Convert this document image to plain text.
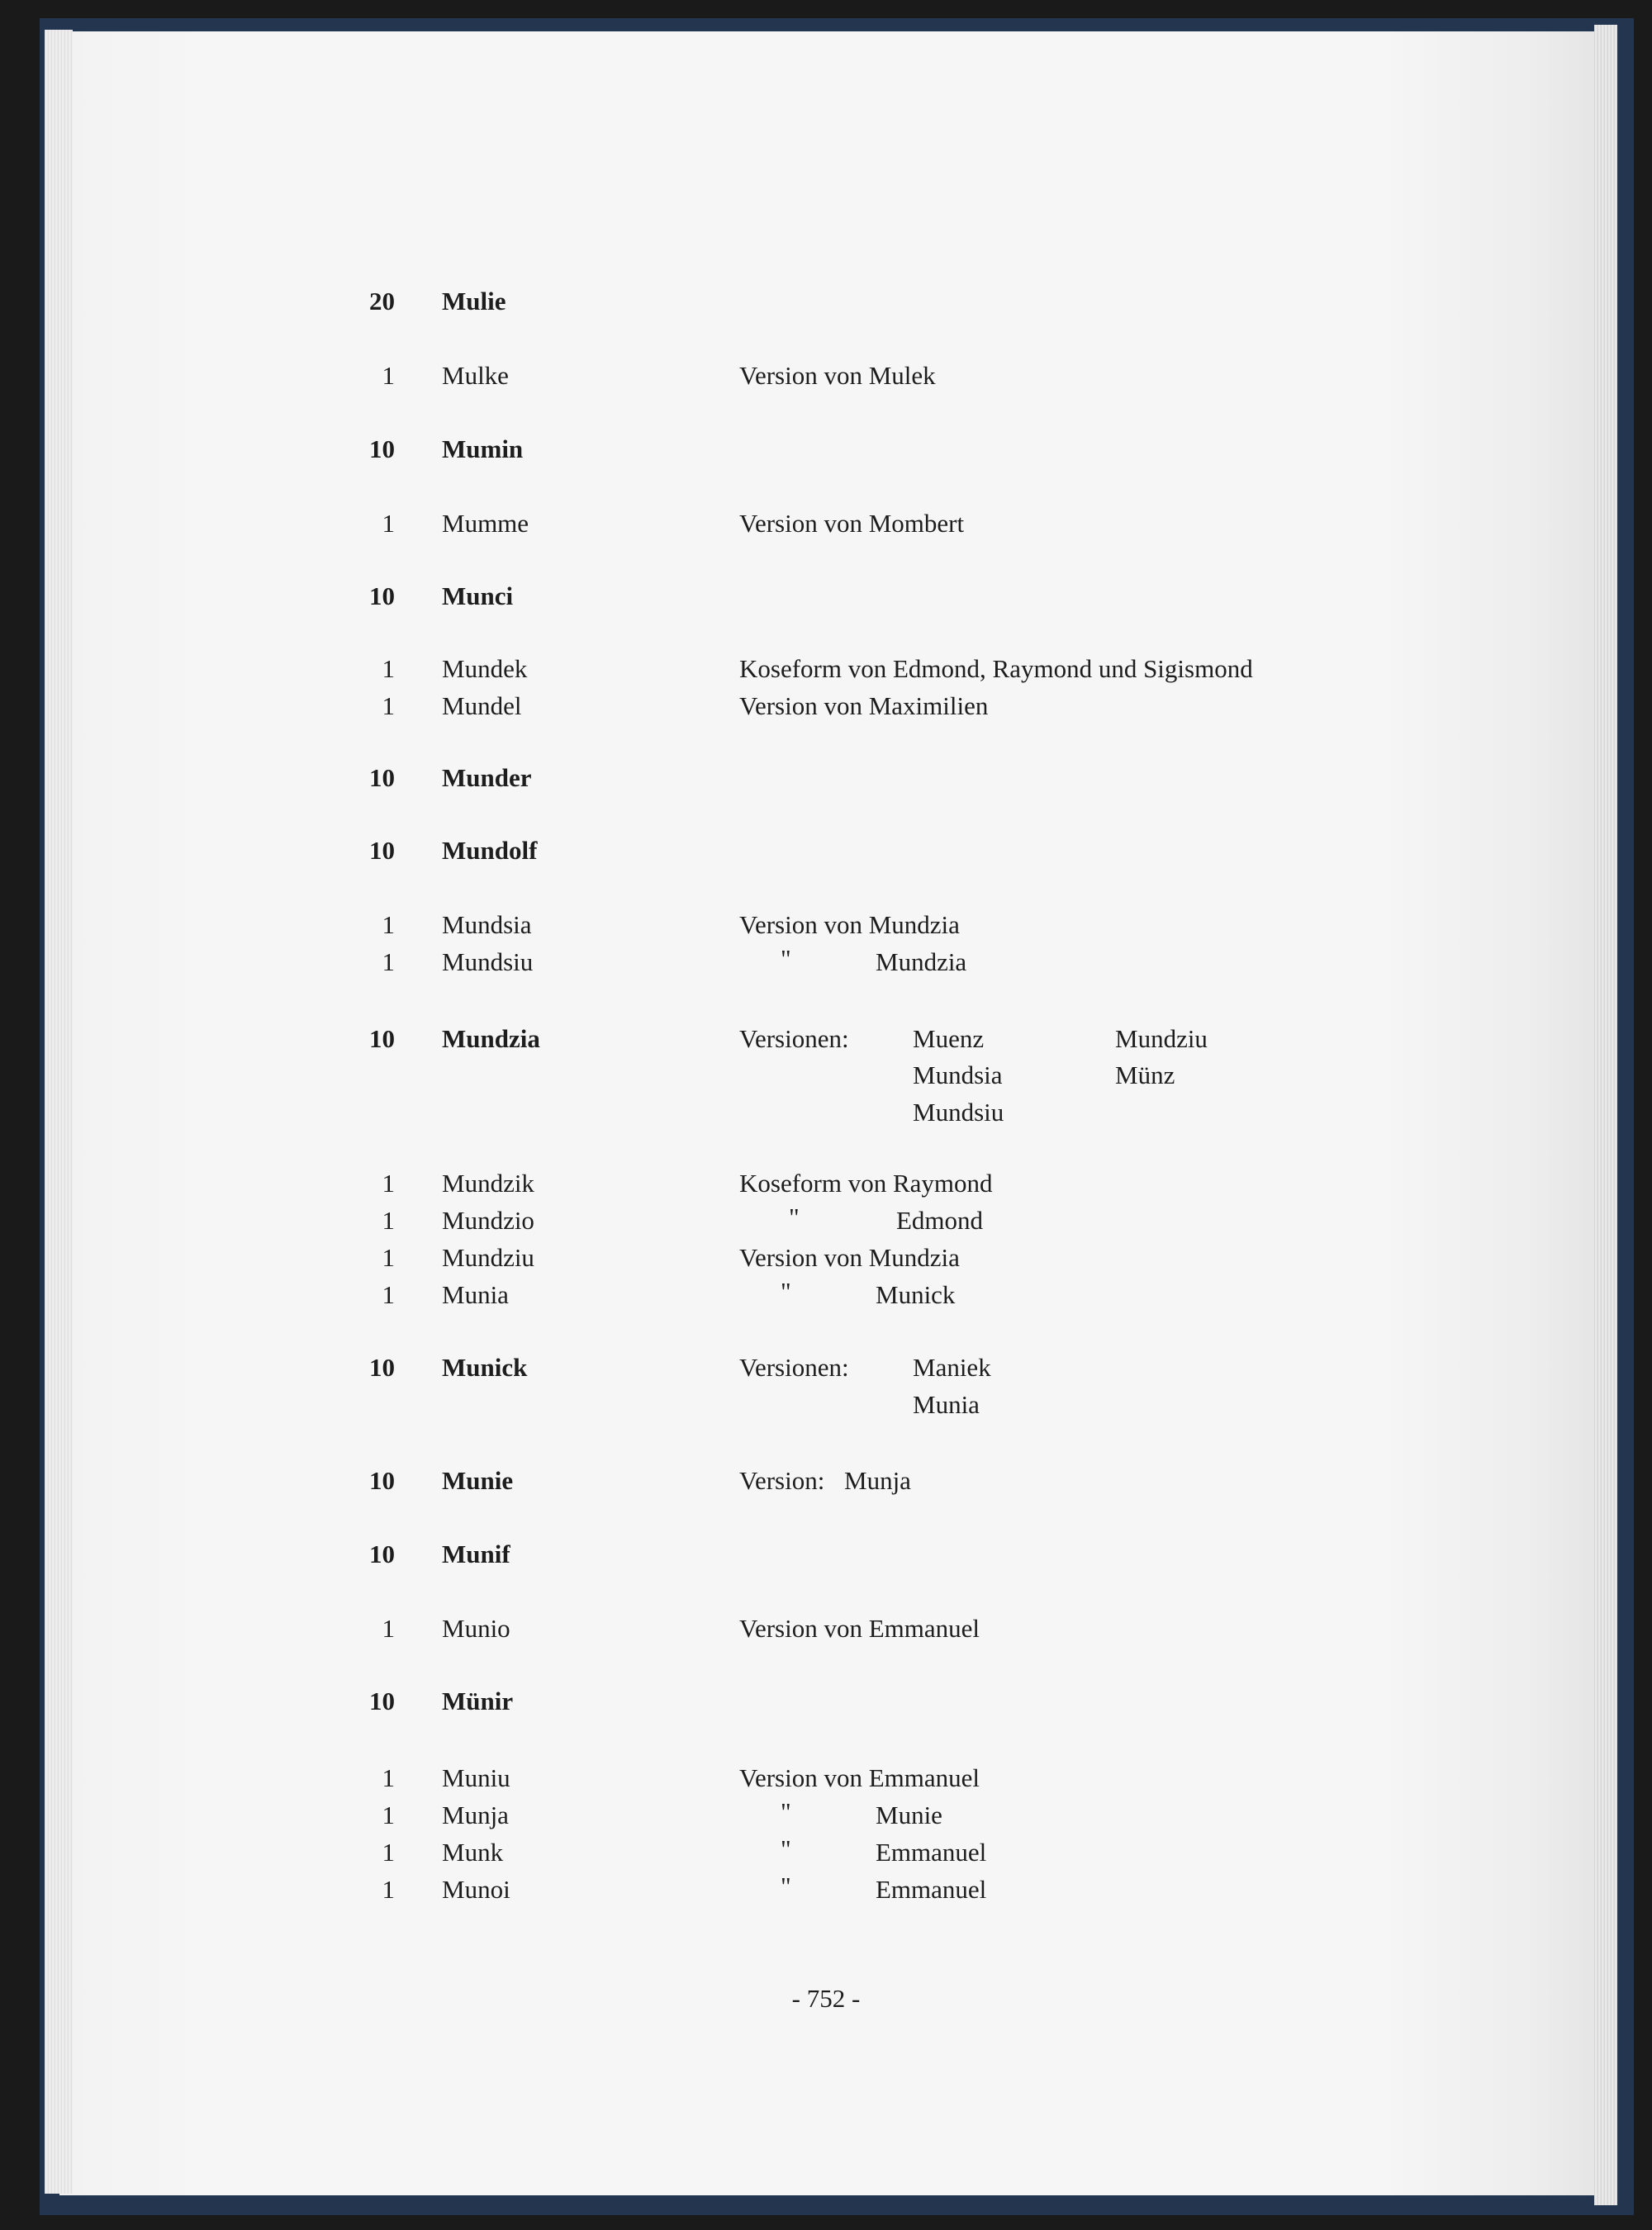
20 Mulie
1 Mulke	Version von Mulek
10 Mumin
1 Mumme	Version von Mombert
10 Munci
1 Mundek	Koseform von Edmond, Raymond und Sigismond
1 Mundel	Version von Maximilien
10 Munder
10 Mundolf
1 Mundsia	Version von Mundzia
1 Mundsiu	"	Mundzia
10 Mundzia	Versionen: Muenz	Mundziu
Mundsia	Münz
Mundsiu
1 Mundzik	Koseform von Raymond
1 Mundzio	"	Edmond
1 Mundziu	Version von Mundzia
1 Munia	"	Munick
10 Munick	Versionen: Maniek
Munia
10 Munie	Version: Munja
10 Munif
1 Munio	Version von Emmanuel
10 Münir
1 Muniu	Version von Emmanuel
1 Munja	"	Munie
1 Munk	"	Emmanuel
1 Munoi	"	Emmanuel
- 752 -
